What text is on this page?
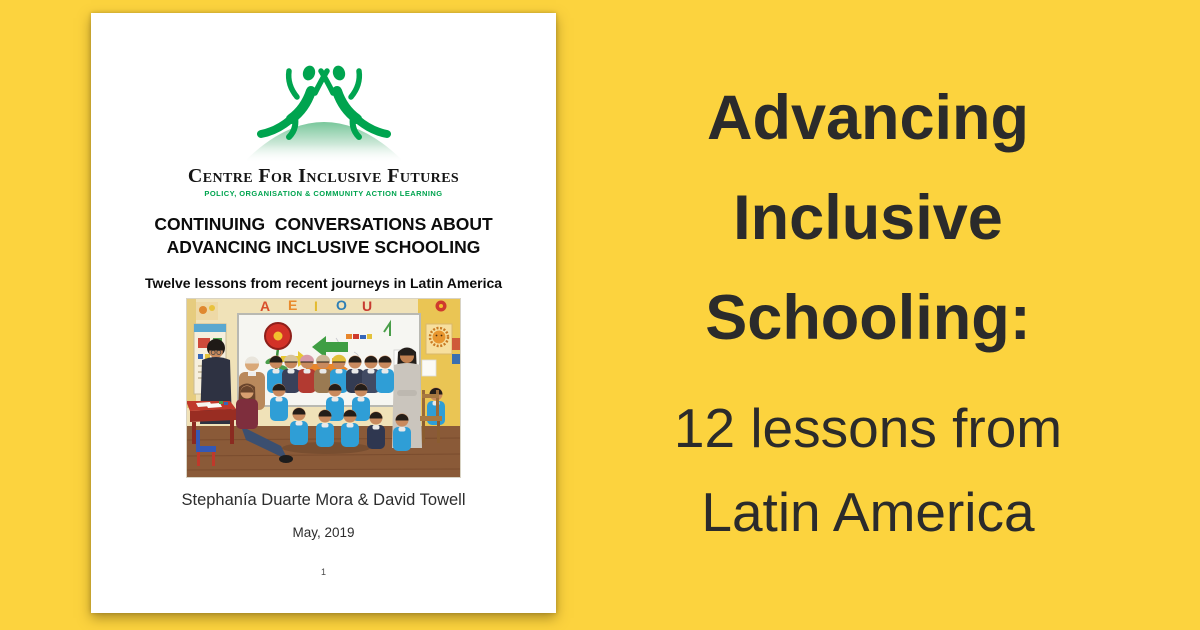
Centre For Inclusive Futures
POLICY, ORGANISATION & COMMUNITY ACTION LEARNING
CONTINUING  CONVERSATIONS ABOUT
ADVANCING INCLUSIVE SCHOOLING
Twelve lessons from recent journeys in Latin America
A E I O U
Stephanía Duarte Mora & David Towell
May, 2019
1
Advancing
Inclusive
Schooling:
12 lessons from
Latin America
